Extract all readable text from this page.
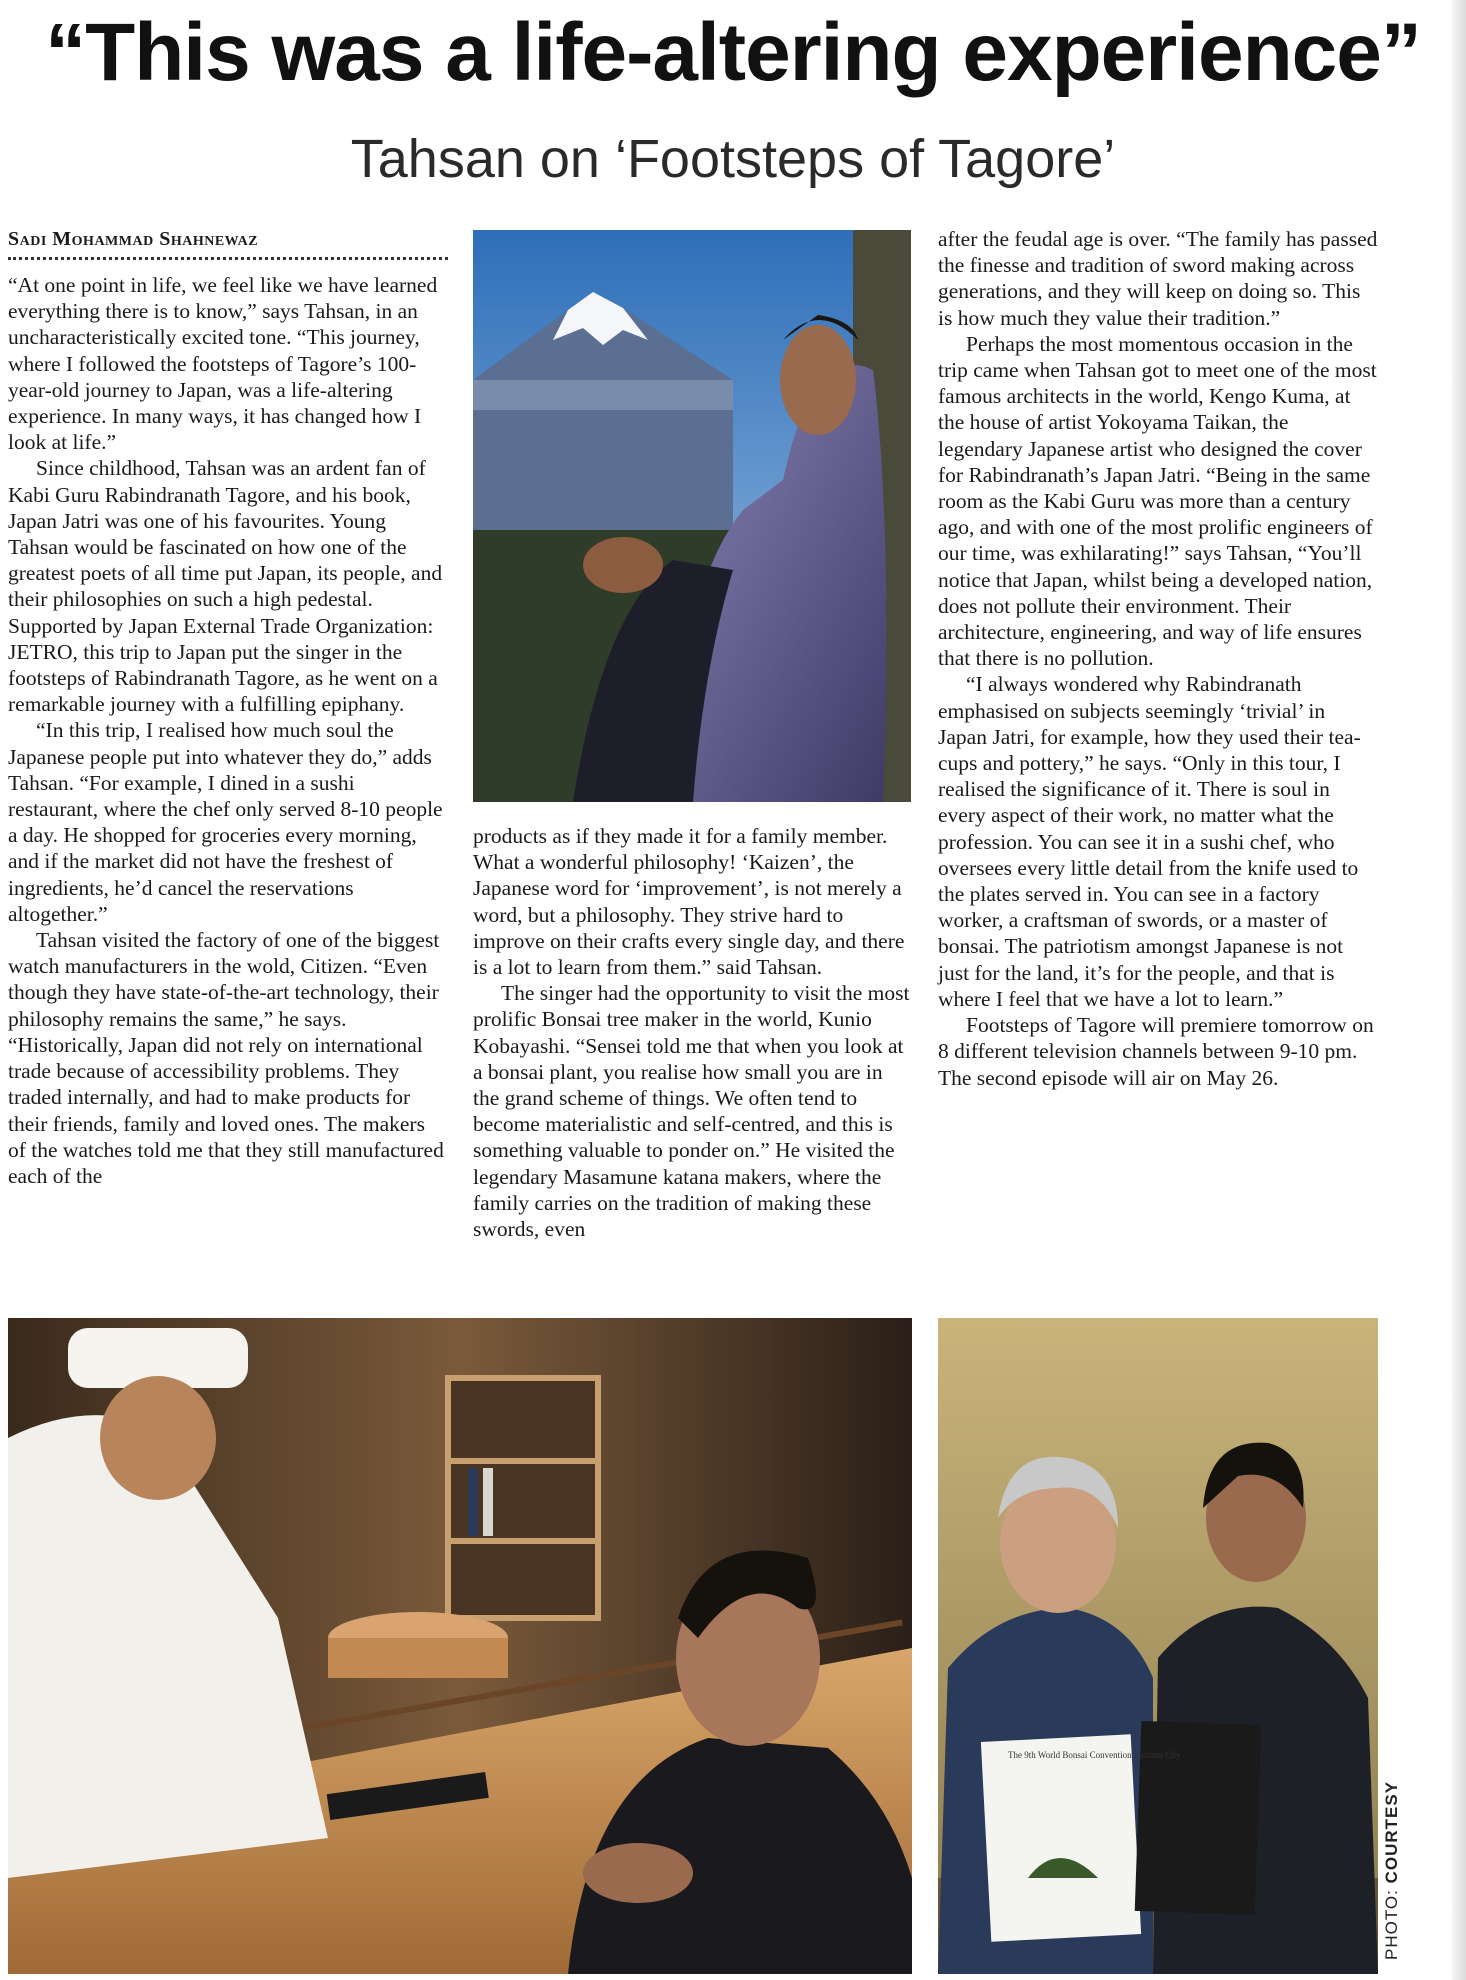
“This was a life-altering experience”
Tahsan on ‘Footsteps of Tagore’
Sadi Mohammad Shahnewaz

“At one point in life, we feel like we have learned everything there is to know,” says Tahsan, in an uncharacteristically excited tone. “This journey, where I followed the footsteps of Tagore’s 100-year-old journey to Japan, was a life-altering experience. In many ways, it has changed how I look at life.”

Since childhood, Tahsan was an ardent fan of Kabi Guru Rabindranath Tagore, and his book, Japan Jatri was one of his favourites. Young Tahsan would be fascinated on how one of the greatest poets of all time put Japan, its people, and their philosophies on such a high pedestal. Supported by Japan External Trade Organization: JETRO, this trip to Japan put the singer in the footsteps of Rabindranath Tagore, as he went on a remarkable journey with a fulfilling epiphany.

“In this trip, I realised how much soul the Japanese people put into whatever they do,” adds Tahsan. “For example, I dined in a sushi restaurant, where the chef only served 8-10 people a day. He shopped for groceries every morning, and if the market did not have the freshest of ingredients, he’d cancel the reservations altogether.”

Tahsan visited the factory of one of the biggest watch manufacturers in the wold, Citizen. “Even though they have state-of-the-art technology, their philosophy remains the same,” he says. “Historically, Japan did not rely on international trade because of accessibility problems. They traded internally, and had to make products for their friends, family and loved ones. The makers of the watches told me that they still manufactured each of the

products as if they made it for a family member. What a wonderful philosophy! ‘Kaizen’, the Japanese word for ‘improvement’, is not merely a word, but a philosophy. They strive hard to improve on their crafts every single day, and there is a lot to learn from them.” said Tahsan.

The singer had the opportunity to visit the most prolific Bonsai tree maker in the world, Kunio Kobayashi. “Sensei told me that when you look at a bonsai plant, you realise how small you are in the grand scheme of things. We often tend to become materialistic and self-centred, and this is something valuable to ponder on.” He visited the legendary Masamune katana makers, where the family carries on the tradition of making these swords, even

after the feudal age is over. “The family has passed the finesse and tradition of sword making across generations, and they will keep on doing so. This is how much they value their tradition.”

Perhaps the most momentous occasion in the trip came when Tahsan got to meet one of the most famous architects in the world, Kengo Kuma, at the house of artist Yokoyama Taikan, the legendary Japanese artist who designed the cover for Rabindranath’s Japan Jatri. “Being in the same room as the Kabi Guru was more than a century ago, and with one of the most prolific engineers of our time, was exhilarating!” says Tahsan, “You’ll notice that Japan, whilst being a developed nation, does not pollute their environment. Their architecture, engineering, and way of life ensures that there is no pollution.

“I always wondered why Rabindranath emphasised on subjects seemingly ‘trivial’ in Japan Jatri, for example, how they used their tea-cups and pottery,” he says. “Only in this tour, I realised the significance of it. There is soul in every aspect of their work, no matter what the profession. You can see it in a sushi chef, who oversees every little detail from the knife used to the plates served in. You can see in a factory worker, a craftsman of swords, or a master of bonsai. The patriotism amongst Japanese is not just for the land, it’s for the people, and that is where I feel that we have a lot to learn.”

Footsteps of Tagore will premiere tomorrow on 8 different television channels between 9-10 pm. The second episode will air on May 26.

The 9th World Bonsai Convention Saitama City
PHOTO: COURTESY
